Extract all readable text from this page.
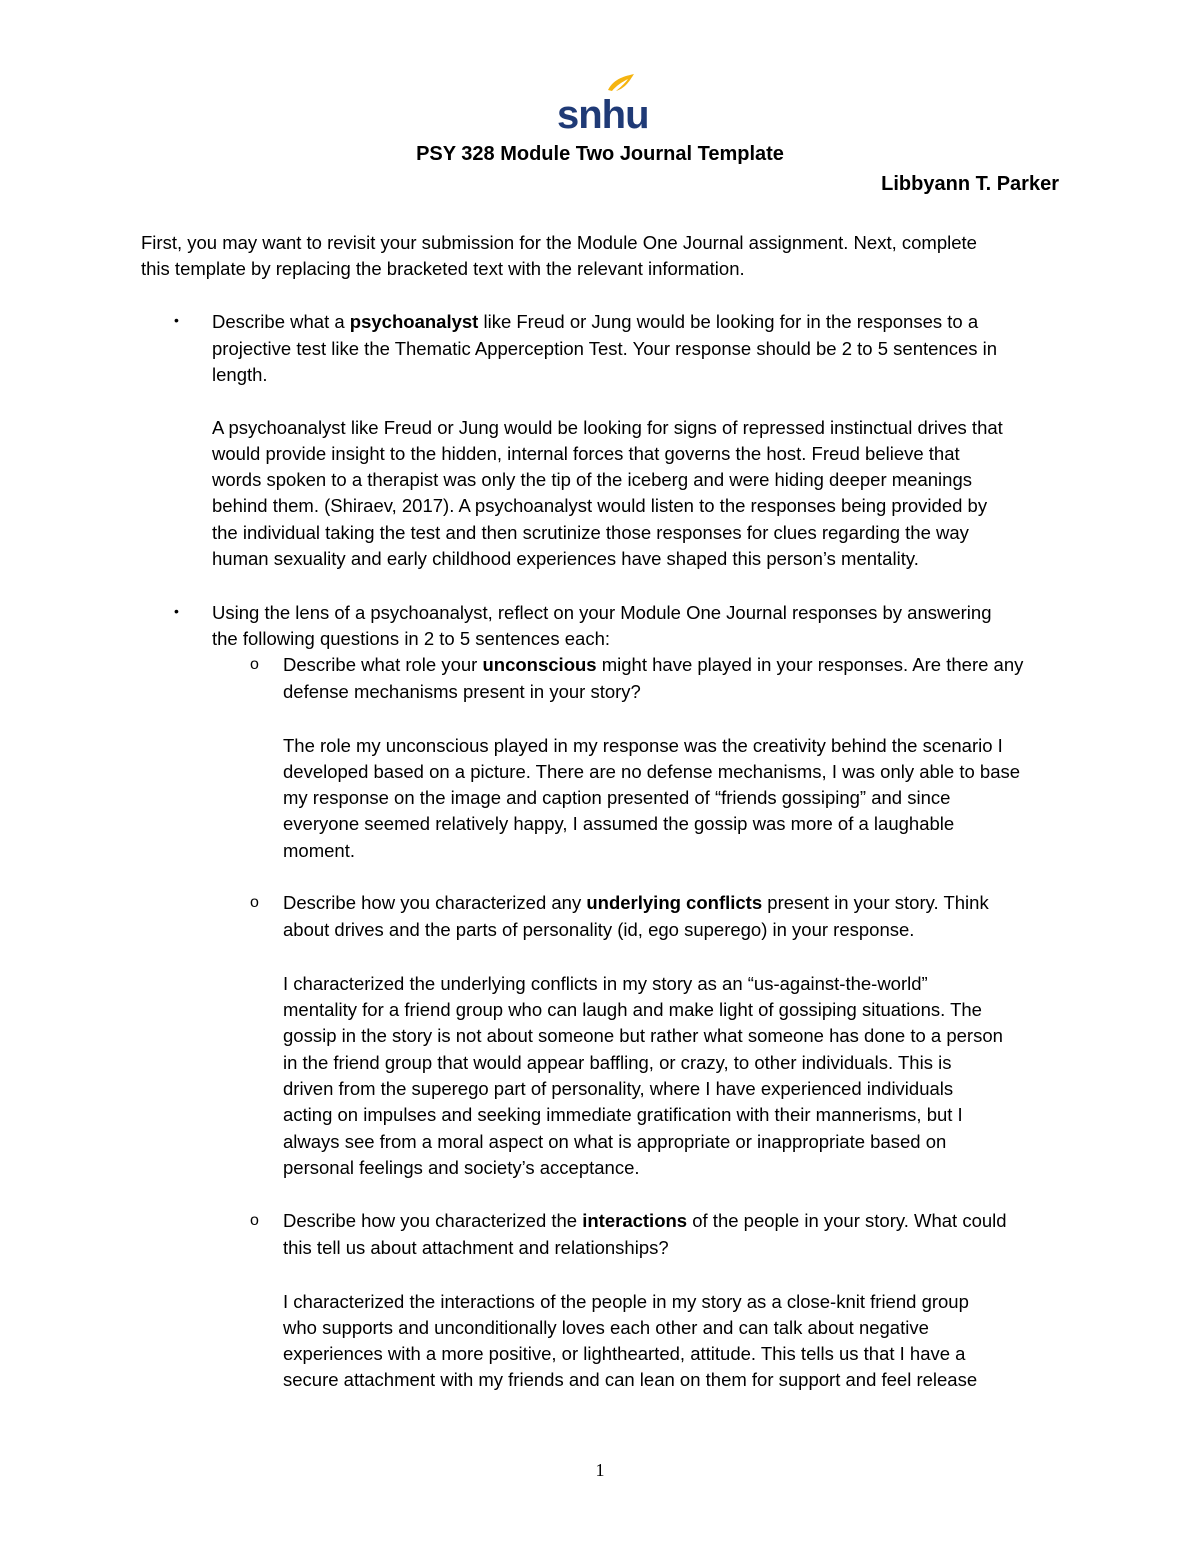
snhu
PSY 328 Module Two Journal Template
Libbyann T. Parker
First, you may want to revisit your submission for the Module One Journal assignment. Next, complete
this template by replacing the bracketed text with the relevant information.
• Describe what a psychoanalyst like Freud or Jung would be looking for in the responses to a
projective test like the Thematic Apperception Test. Your response should be 2 to 5 sentences in
length.
A psychoanalyst like Freud or Jung would be looking for signs of repressed instinctual drives that
would provide insight to the hidden, internal forces that governs the host. Freud believe that
words spoken to a therapist was only the tip of the iceberg and were hiding deeper meanings
behind them. (Shiraev, 2017). A psychoanalyst would listen to the responses being provided by
the individual taking the test and then scrutinize those responses for clues regarding the way
human sexuality and early childhood experiences have shaped this person’s mentality.
• Using the lens of a psychoanalyst, reflect on your Module One Journal responses by answering
the following questions in 2 to 5 sentences each:
o Describe what role your unconscious might have played in your responses. Are there any
defense mechanisms present in your story?
The role my unconscious played in my response was the creativity behind the scenario I
developed based on a picture. There are no defense mechanisms, I was only able to base
my response on the image and caption presented of “friends gossiping” and since
everyone seemed relatively happy, I assumed the gossip was more of a laughable
moment.
o Describe how you characterized any underlying conflicts present in your story. Think
about drives and the parts of personality (id, ego superego) in your response.
I characterized the underlying conflicts in my story as an “us-against-the-world”
mentality for a friend group who can laugh and make light of gossiping situations. The
gossip in the story is not about someone but rather what someone has done to a person
in the friend group that would appear baffling, or crazy, to other individuals. This is
driven from the superego part of personality, where I have experienced individuals
acting on impulses and seeking immediate gratification with their mannerisms, but I
always see from a moral aspect on what is appropriate or inappropriate based on
personal feelings and society’s acceptance.
o Describe how you characterized the interactions of the people in your story. What could
this tell us about attachment and relationships?
I characterized the interactions of the people in my story as a close-knit friend group
who supports and unconditionally loves each other and can talk about negative
experiences with a more positive, or lighthearted, attitude. This tells us that I have a
secure attachment with my friends and can lean on them for support and feel release
1
